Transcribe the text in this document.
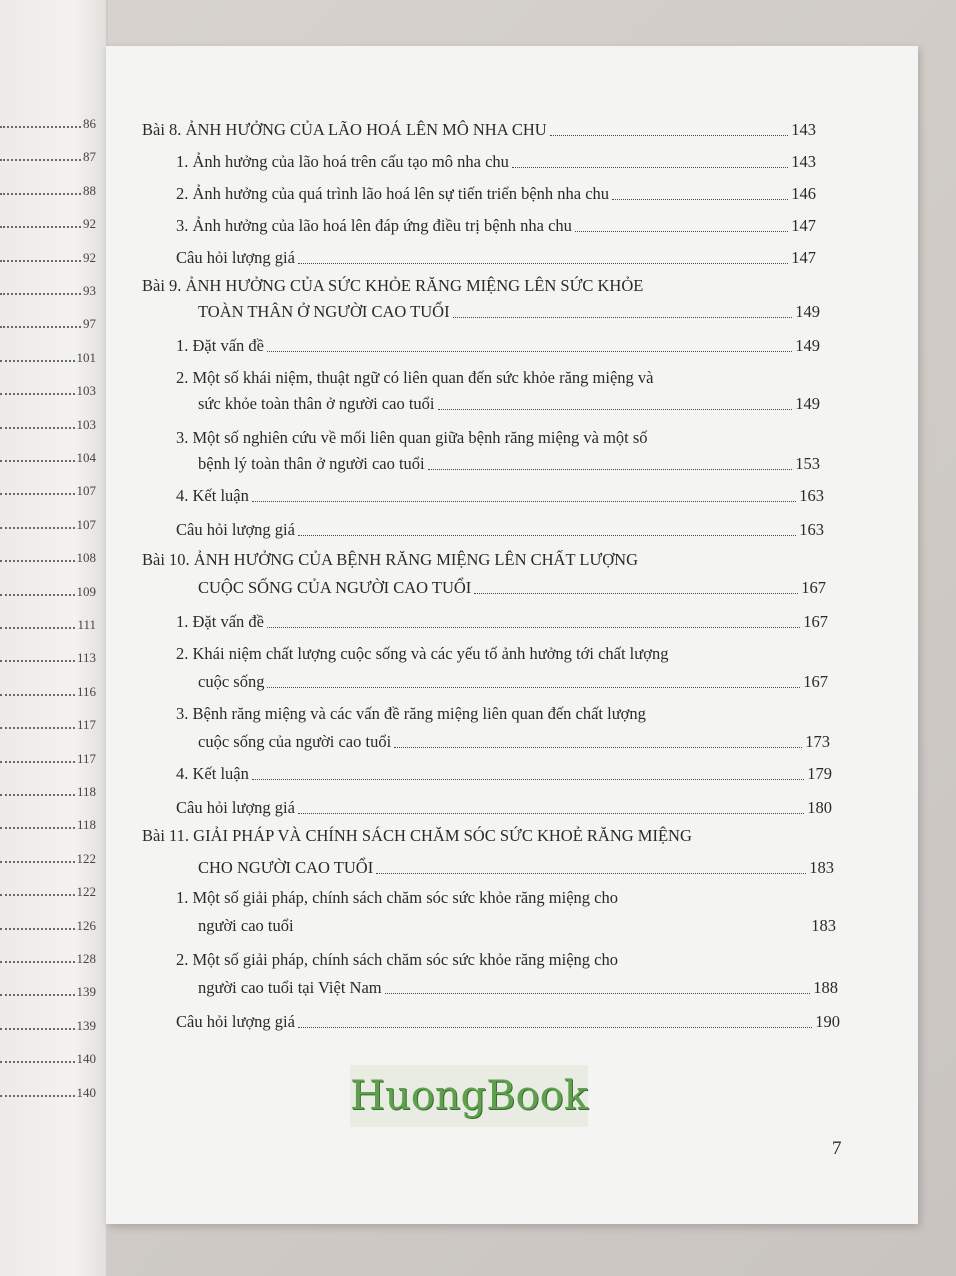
86
87
88
92
92
93
97
101
103
103
104
107
107
108
109
111
113
116
117
117
118
118
122
122
126
128
139
139
140
140
Bài 8. ẢNH HƯỞNG CỦA LÃO HOÁ LÊN MÔ NHA CHU	143
1. Ảnh hưởng của lão hoá trên cấu tạo mô nha chu	143
2. Ảnh hưởng của quá trình lão hoá lên sự tiến triển bệnh nha chu	146
3. Ảnh hưởng của lão hoá lên đáp ứng điều trị bệnh nha chu	147
Câu hỏi lượng giá	147
Bài 9. ẢNH HƯỞNG CỦA SỨC KHỎE RĂNG MIỆNG LÊN SỨC KHỎE
TOÀN THÂN Ở NGƯỜI CAO TUỔI	149
1. Đặt vấn đề	149
2. Một số khái niệm, thuật ngữ có liên quan đến sức khỏe răng miệng và
sức khỏe toàn thân ở người cao tuổi	149
3. Một số nghiên cứu về mối liên quan giữa bệnh răng miệng và một số
bệnh lý toàn thân ở người cao tuổi	153
4. Kết luận	163
Câu hỏi lượng giá	163
Bài 10. ẢNH HƯỞNG CỦA BỆNH RĂNG MIỆNG LÊN CHẤT LƯỢNG
CUỘC SỐNG CỦA NGƯỜI CAO TUỔI	167
1. Đặt vấn đề	167
2. Khái niệm chất lượng cuộc sống và các yếu tố ảnh hưởng tới chất lượng
cuộc sống	167
3. Bệnh răng miệng và các vấn đề răng miệng liên quan đến chất lượng
cuộc sống của người cao tuổi	173
4. Kết luận	179
Câu hỏi lượng giá	180
Bài 11. GIẢI PHÁP VÀ CHÍNH SÁCH CHĂM SÓC SỨC KHOẺ RĂNG MIỆNG
CHO NGƯỜI CAO TUỔI	183
1. Một số giải pháp, chính sách chăm sóc sức khỏe răng miệng cho
người cao tuổi	183
2. Một số giải pháp, chính sách chăm sóc sức khỏe răng miệng cho
người cao tuổi tại Việt Nam	188
Câu hỏi lượng giá	190
HuongBook
7
